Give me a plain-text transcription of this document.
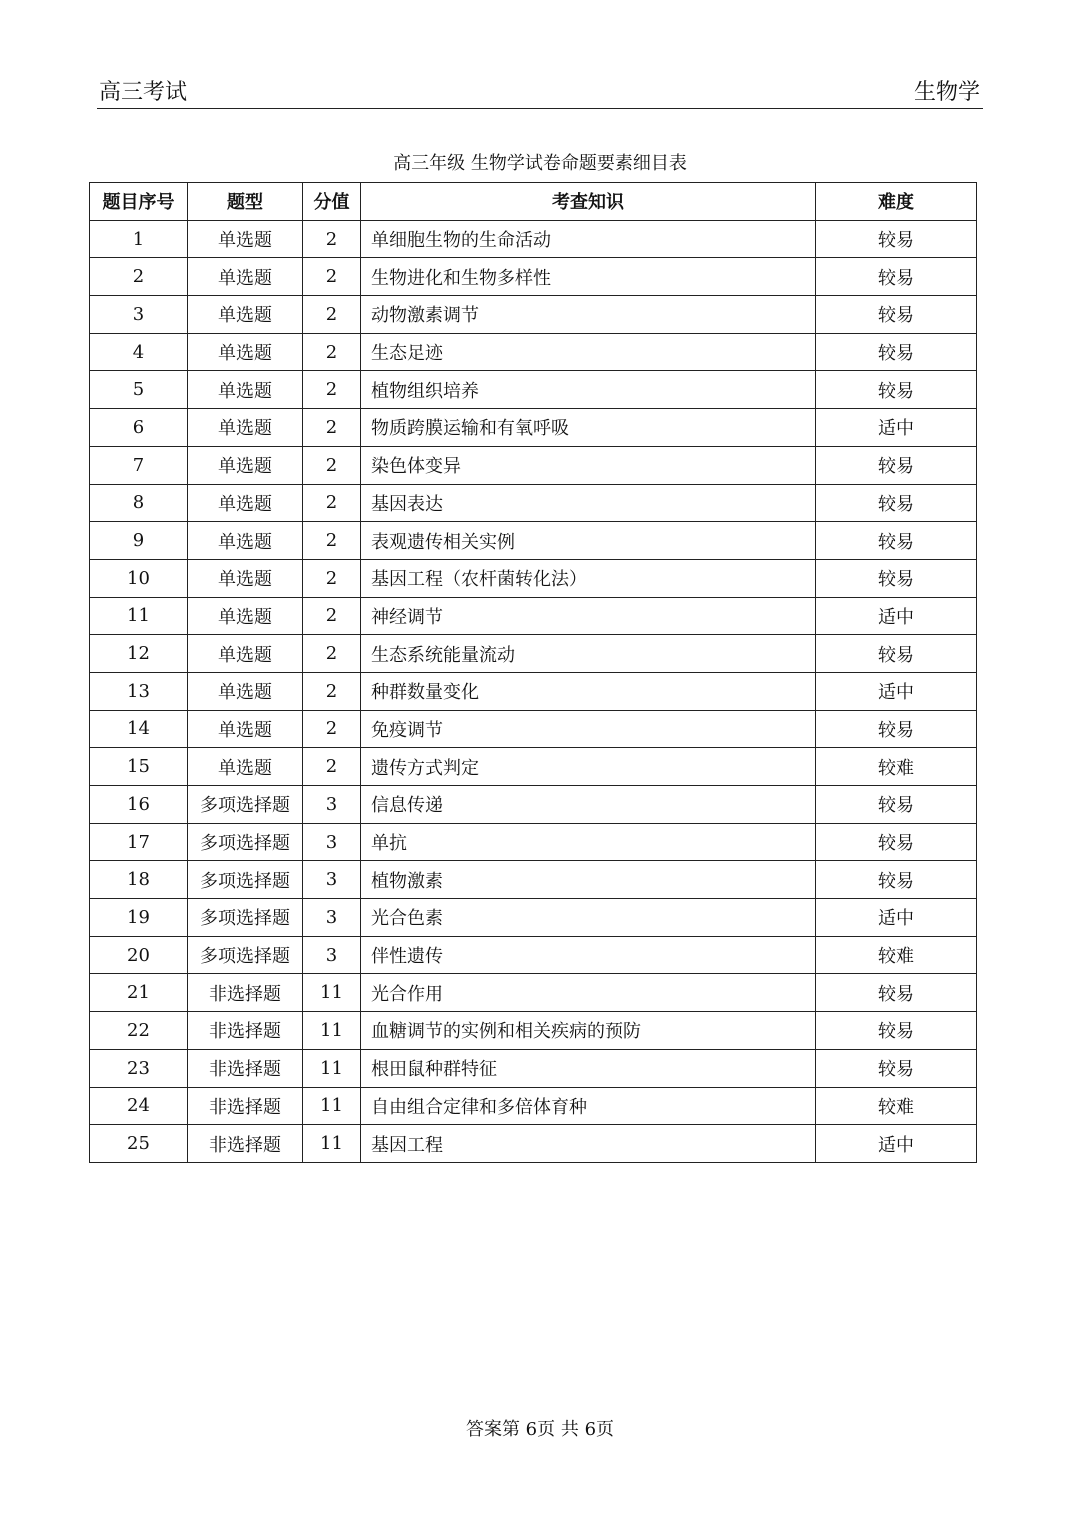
高三考试	生物学
高三年级 生物学试卷命题要素细目表
题目序号	题型	分值	考查知识	难度
1	单选题	2	单细胞生物的生命活动	较易
2	单选题	2	生物进化和生物多样性	较易
3	单选题	2	动物激素调节	较易
4	单选题	2	生态足迹	较易
5	单选题	2	植物组织培养	较易
6	单选题	2	物质跨膜运输和有氧呼吸	适中
7	单选题	2	染色体变异	较易
8	单选题	2	基因表达	较易
9	单选题	2	表观遗传相关实例	较易
10	单选题	2	基因工程（农杆菌转化法）	较易
11	单选题	2	神经调节	适中
12	单选题	2	生态系统能量流动	较易
13	单选题	2	种群数量变化	适中
14	单选题	2	免疫调节	较易
15	单选题	2	遗传方式判定	较难
16	多项选择题	3	信息传递	较易
17	多项选择题	3	单抗	较易
18	多项选择题	3	植物激素	较易
19	多项选择题	3	光合色素	适中
20	多项选择题	3	伴性遗传	较难
21	非选择题	11	光合作用	较易
22	非选择题	11	血糖调节的实例和相关疾病的预防	较易
23	非选择题	11	根田鼠种群特征	较易
24	非选择题	11	自由组合定律和多倍体育种	较难
25	非选择题	11	基因工程	适中
答案第 6页 共 6页
